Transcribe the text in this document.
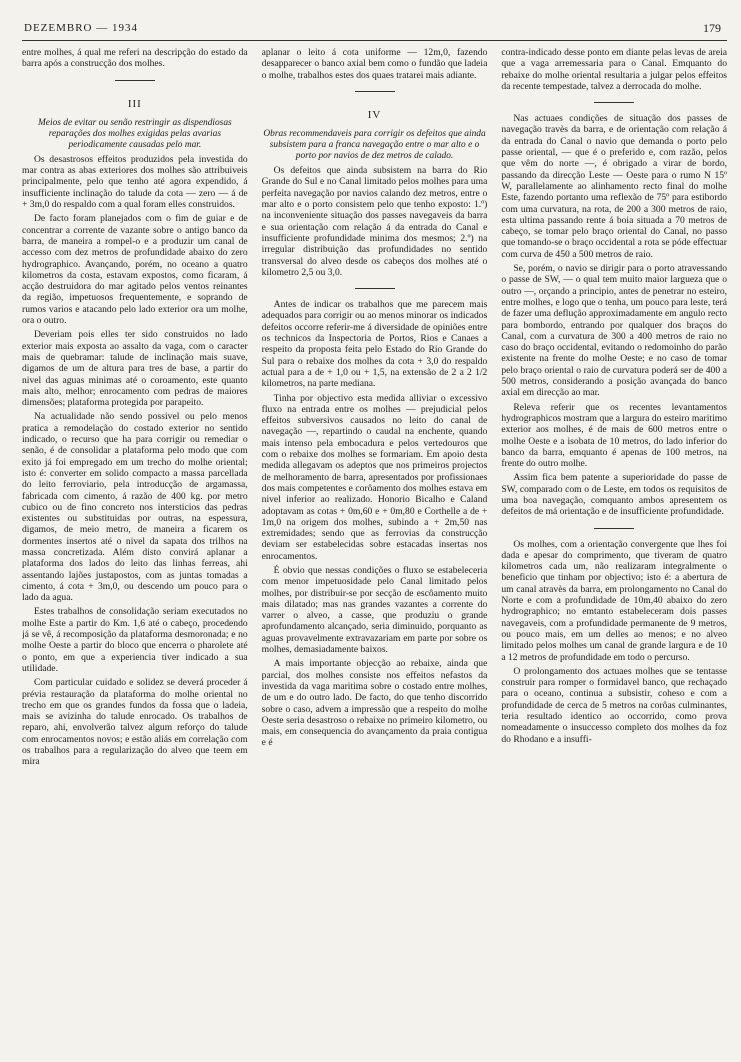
DEZEMBRO — 1934	179

entre molhes, á qual me referi na descripção do estado da barra após a construcção dos molhes.

III

Meios de evitar ou senão restringir as dispendiosas reparações dos molhes exigidas pelas avarias periodicamente causadas pelo mar.

Os desastrosos effeitos produzidos pela investida do mar contra as abas exteriores dos molhes são attribuiveis principalmente, pelo que tenho até agora expendido, á insufficiente inclinação do talude da cota — zero — á de + 3m,0 do respaldo com a qual foram elles construidos.

De facto foram planejados com o fim de guiar e de concentrar a corrente de vazante sobre o antigo banco da barra, de maneira a rompel-o e a produzir um canal de accesso com dez metros de profundidade abaixo do zero hydrographico. Avançando, porém, no oceano a quatro kilometros da costa, estavam expostos, como ficaram, á acção destruidora do mar agitado pelos ventos reinantes da região, impetuosos frequentemente, e soprando de rumos varios e atacando pelo lado exterior ora um molhe, ora o outro.

Deveriam pois elles ter sido construidos no lado exterior mais exposta ao assalto da vaga, com o caracter mais de quebramar: talude de inclinação mais suave, digamos de um de altura para tres de base, a partir do nivel das aguas minimas até o coroamento, este quanto mais alto, melhor; enrocamento com pedras de maiores dimensões; plataforma protegida por parapeito.

Na actualidade não sendo possivel ou pelo menos pratica a remodelação do costado exterior no sentido indicado, o recurso que ha para corrigir ou remediar o senão, é de consolidar a plataforma pelo modo que com exito já foi empregado em um trecho do molhe oriental; isto é: converter em solido compacto a massa parcellada do leito ferroviario, pela introducção de argamassa, fabricada com cimento, á razão de 400 kg. por metro cubico ou de fino concreto nos intersticios das pedras existentes ou substituidas por outras, na espessura, digamos, de meio metro, de maneira a ficarem os dormentes insertos até o nivel da sapata dos trilhos na massa concretizada. Além disto convirá aplanar a plataforma dos lados do leito das linhas ferreas, ahi assentando lajões justapostos, com as juntas tomadas a cimento, á cota + 3m,0, ou descendo um pouco para o lado da agua.

Estes trabalhos de consolidação seriam executados no molhe Este a partir do Km. 1,6 até o cabeço, procedendo já se vê, á recomposição da plataforma desmoronada; e no molhe Oeste a partir do bloco que encerra o pharolete até o ponto, em que a experiencia tiver indicado a sua utilidade.

Com particular cuidado e solidez se deverá proceder á prévia restauração da plataforma do molhe oriental no trecho em que os grandes fundos da fossa que o ladeia, mais se avizinha do talude enrocado. Os trabalhos de reparo, ahi, envolverão talvez algum reforço do talude com enrocamentos novos; e estão aliás em correlação com os trabalhos para a regularização do alveo que teem em mira

aplanar o leito á cota uniforme — 12m,0, fazendo desapparecer o banco axial bem como o fundão que ladeia o molhe, trabalhos estes dos quaes tratarei mais adiante.

IV

Obras recommendaveis para corrigir os defeitos que ainda subsistem para a franca navegação entre o mar alto e o porto por navios de dez metros de calado.

Os defeitos que ainda subsistem na barra do Rio Grande do Sul e no Canal limitado pelos molhes para uma perfeita navegação por navios calando dez metros, entre o mar alto e o porto consistem pelo que tenho exposto: 1.º) na inconveniente situação dos passes navegaveis da barra e sua orientação com relação á da entrada do Canal e insufficiente profundidade minima dos mesmos; 2.º) na irregular distribuição das profundidades no sentido transversal do alveo desde os cabeços dos molhes até o kilometro 2,5 ou 3,0.

Antes de indicar os trabalhos que me parecem mais adequados para corrigir ou ao menos minorar os indicados defeitos occorre referir-me á diversidade de opiniões entre os technicos da Inspectoria de Portos, Rios e Canaes a respeito da proposta feita pelo Estado do Rio Grande do Sul para o rebaixe dos molhes da cota + 3,0 do respaldo actual para a de + 1,0 ou + 1,5, na extensão de 2 a 2 1/2 kilometros, na parte mediana.

Tinha por objectivo esta medida alliviar o excessivo fluxo na entrada entre os molhes — prejudicial pelos effeitos subversivos causados no leito do canal de navegação —, repartindo o caudal na enchente, quando mais intenso pela embocadura e pelos vertedouros que com o rebaixe dos molhes se formariam. Em apoio desta medida allegavam os adeptos que nos primeiros projectos de melhoramento de barra, apresentados por profissionaes dos mais competentes e corôamento dos molhes estava em nivel inferior ao realizado. Honorio Bicalho e Caland adoptavam as cotas + 0m,60 e + 0m,80 e Corthelle a de + 1m,0 na origem dos molhes, subindo a + 2m,50 nas extremidades; sendo que as ferrovias da construcção deviam ser estabelecidas sobre estacadas insertas nos enrocamentos.

É obvio que nessas condições o fluxo se estabeleceria com menor impetuosidade pelo Canal limitado pelos molhes, por distribuir-se por secção de escôamento muito mais dilatado; mas nas grandes vazantes a corrente do varrer o alveo, a casse, que produziu o grande aprofundamento alcançado, seria diminuido, porquanto as aguas provavelmente extravazariam em parte por sobre os molhes, demasiadamente baixos.

A mais importante objecção ao rebaixe, ainda que parcial, dos molhes consiste nos effeitos nefastos da investida da vaga maritima sobre o costado entre molhes, de um e do outro lado. De facto, do que tenho discorrido sobre o caso, advem a impressão que a respeito do molhe Oeste seria desastroso o rebaixe no primeiro kilometro, ou mais, em consequencia do avançamento da praia contigua e é

contra-indicado desse ponto em diante pelas levas de areia que a vaga arremessaria para o Canal. Emquanto do rebaixe do molhe oriental resultaria a julgar pelos effeitos da recente tempestade, talvez a derrocada do molhe.

Nas actuaes condições de situação dos passes de navegação travès da barra, e de orientação com relação á da entrada do Canal o navio que demanda o porto pelo passe oriental, — que é o preferido e, com razão, pelos que vêm do norte —, é obrigado a virar de bordo, passando da direcção Leste — Oeste para o rumo N 15º W, parallelamente ao alinhamento recto final do molhe Este, fazendo portanto uma reflexão de 75º para estibordo com uma curvatura, na rota, de 200 a 300 metros de raio, esta ultima passando rente á boia situada a 70 metros de cabeço, se tomar pelo braço oriental do Canal, no passo que tomando-se o braço occidental a rota se póde effectuar com curva de 450 a 500 metros de raio.

Se, porém, o navio se dirigir para o porto atravessando o passe de SW, — o qual tem muito maior largueza que o outro —, orçando a principio, antes de penetrar no esteiro, entre molhes, e logo que o tenha, um pouco para leste, terá de fazer uma deflução approximadamente em angulo recto para bombordo, entrando por qualquer dos braços do Canal, com a curvatura de 300 a 400 metros de raio no caso do braço occidental, evitando o redomoinho do parão existente na frente do molhe Oeste; e no caso de tomar pelo braço oriental o raio de curvatura poderá ser de 400 a 500 metros, considerando a posição avançada do banco axial em direcção ao mar.

Releva referir que os recentes levantamentos hydrographicos mostram que a largura do esteiro maritimo exterior aos molhes, é de mais de 600 metros entre o molhe Oeste e a isobata de 10 metros, do lado inferior do banco da barra, emquanto é apenas de 100 metros, na frente do outro molhe.

Assim fica bem patente a superioridade do passe de SW, comparado com o de Leste, em todos os requisitos de uma boa navegação, comquanto ambos apresentem os defeitos de má orientação e de insufficiente profundidade.

Os molhes, com a orientação convergente que lhes foi dada e apesar do comprimento, que tiveram de quatro kilometros cada um, não realizaram integralmente o beneficio que tinham por objectivo; isto é: a abertura de um canal atravès da barra, em prolongamento no Canal do Norte e com a profundidade de 10m,40 abaixo do zero hydrographico; no emtanto estabeleceram dois passes navegaveis, com a profundidade permanente de 9 metros, ou pouco mais, em um delles ao menos; e no alveo limitado pelos molhes um canal de grande largura e de 10 a 12 metros de profundidade em todo o percurso.

O prolongamento dos actuaes molhes que se tentasse construir para romper o formidavel banco, que rechaçado para o oceano, continua a subsistir, coheso e com a profundidade de cerca de 5 metros na corôas culminantes, teria resultado identico ao occorrido, como prova nomeadamente o insuccesso completo dos molhes da foz do Rhodano e a insuffi-
